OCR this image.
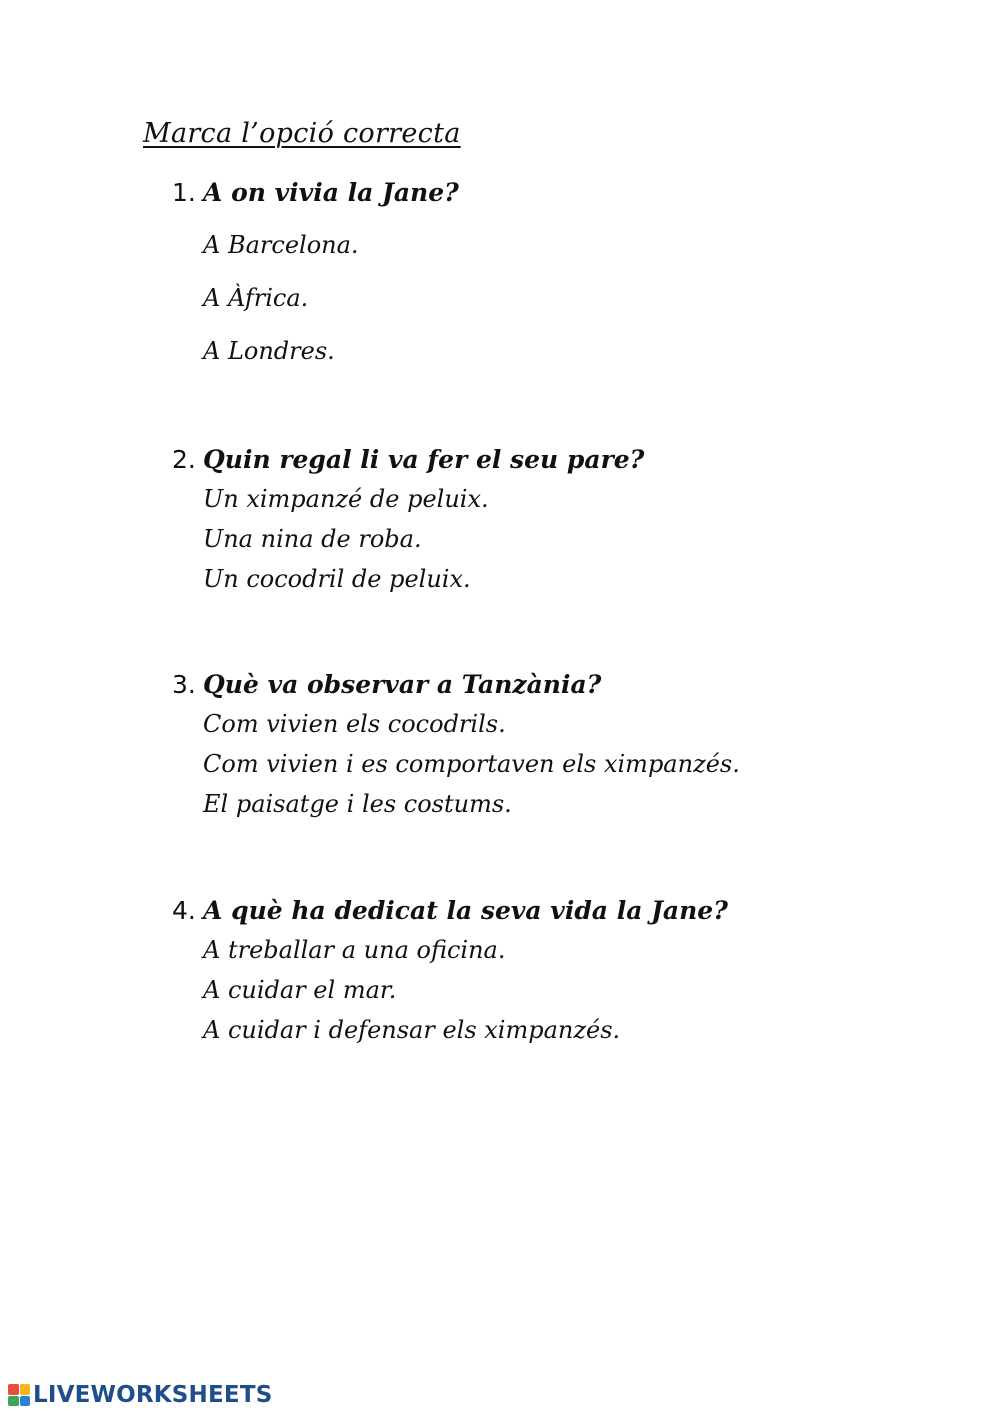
Marca l’opció correcta
1. A on vivia la Jane?
A Barcelona.
A Àfrica.
A Londres.
2. Quin regal li va fer el seu pare?
Un ximpanzé de peluix.
Una nina de roba.
Un cocodril de peluix.
3. Què va observar a Tanzània?
Com vivien els cocodrils.
Com vivien i es comportaven els ximpanzés.
El paisatge i les costums.
4. A què ha dedicat la seva vida la Jane?
A treballar a una oficina.
A cuidar el mar.
A cuidar i defensar els ximpanzés.
LIVEWORKSHEETS
